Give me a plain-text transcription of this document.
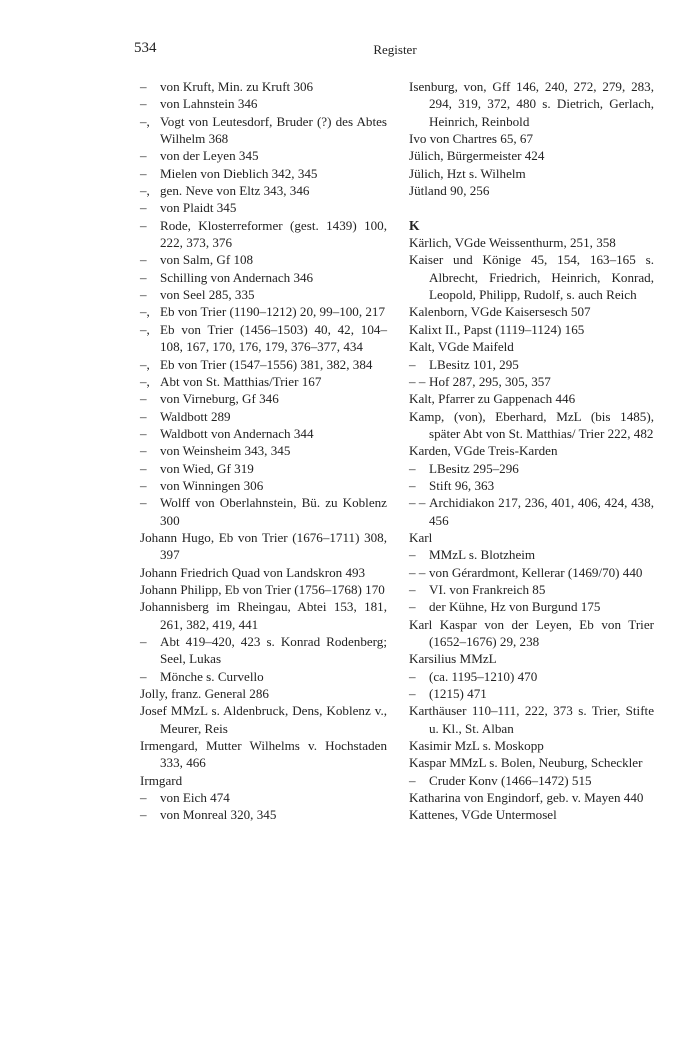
534	Register
– von Kruft, Min. zu Kruft 306
– von Lahnstein 346
–, Vogt von Leutesdorf, Bruder (?) des Abtes Wilhelm 368
– von der Leyen 345
– Mielen von Dieblich 342, 345
–, gen. Neve von Eltz 343, 346
– von Plaidt 345
– Rode, Klosterreformer (gest. 1439) 100, 222, 373, 376
– von Salm, Gf 108
– Schilling von Andernach 346
– von Seel 285, 335
–, Eb von Trier (1190–1212) 20, 99–100, 217
–, Eb von Trier (1456–1503) 40, 42, 104–108, 167, 170, 176, 179, 376–377, 434
–, Eb von Trier (1547–1556) 381, 382, 384
–, Abt von St. Matthias/Trier 167
– von Virneburg, Gf 346
– Waldbott 289
– Waldbott von Andernach 344
– von Weinsheim 343, 345
– von Wied, Gf 319
– von Winningen 306
– Wolff von Oberlahnstein, Bü. zu Koblenz 300
Johann Hugo, Eb von Trier (1676–1711) 308, 397
Johann Friedrich Quad von Landskron 493
Johann Philipp, Eb von Trier (1756–1768) 170
Johannisberg im Rheingau, Abtei 153, 181, 261, 382, 419, 441
– Abt 419–420, 423 s. Konrad Rodenberg; Seel, Lukas
– Mönche s. Curvello
Jolly, franz. General 286
Josef MMzL s. Aldenbruck, Dens, Koblenz v., Meurer, Reis
Irmengard, Mutter Wilhelms v. Hochstaden 333, 466
Irmgard
– von Eich 474
– von Monreal 320, 345
Isenburg, von, Gff 146, 240, 272, 279, 283, 294, 319, 372, 480 s. Dietrich, Gerlach, Heinrich, Reinbold
Ivo von Chartres 65, 67
Jülich, Bürgermeister 424
Jülich, Hzt s. Wilhelm
Jütland 90, 256
K
Kärlich, VGde Weissenthurm, 251, 358
Kaiser und Könige 45, 154, 163–165 s. Albrecht, Friedrich, Heinrich, Konrad, Leopold, Philipp, Rudolf, s. auch Reich
Kalenborn, VGde Kaisersesch 507
Kalixt II., Papst (1119–1124) 165
Kalt, VGde Maifeld
– LBesitz 101, 295
– – Hof 287, 295, 305, 357
Kalt, Pfarrer zu Gappenach 446
Kamp, (von), Eberhard, MzL (bis 1485), später Abt von St. Matthias/ Trier 222, 482
Karden, VGde Treis-Karden
– LBesitz 295–296
– Stift 96, 363
– – Archidiakon 217, 236, 401, 406, 424, 438, 456
Karl
– MMzL s. Blotzheim
– – von Gérardmont, Kellerar (1469/70) 440
– VI. von Frankreich 85
– der Kühne, Hz von Burgund 175
Karl Kaspar von der Leyen, Eb von Trier (1652–1676) 29, 238
Karsilius MMzL
– (ca. 1195–1210) 470
– (1215) 471
Karthäuser 110–111, 222, 373 s. Trier, Stifte u. Kl., St. Alban
Kasimir MzL s. Moskopp
Kaspar MMzL s. Bolen, Neuburg, Scheckler
– Cruder Konv (1466–1472) 515
Katharina von Engindorf, geb. v. Mayen 440
Kattenes, VGde Untermosel
